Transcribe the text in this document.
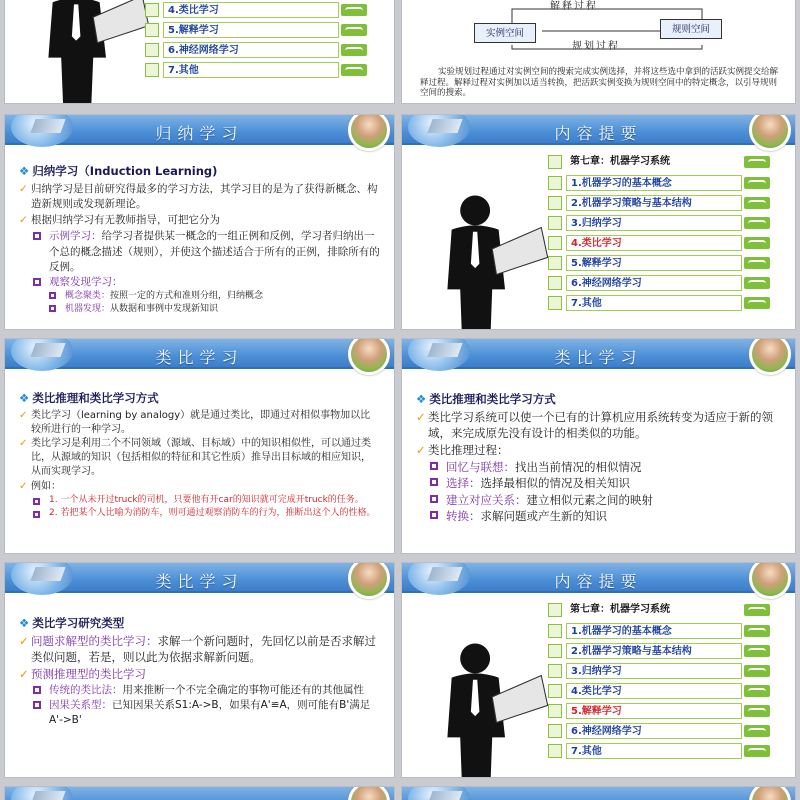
4.类比学习
5.解释学习
6.神经网络学习
7.其他
解释过程
实例空间	规则空间
规划过程
实验规划过程通过对实例空间的搜索完成实例选择，并将这些选中拿到的活跃实例提交给解释过程。解释过程对实例加以适当转换，把活跃实例变换为规则空间中的特定概念，以引导规则空间的搜索。
归纳学习
❖ 归纳学习（Induction Learning)
✓ 归纳学习是目前研究得最多的学习方法，其学习目的是为了获得新概念、构造新规则或发现新理论。
✓ 根据归纳学习有无教师指导，可把它分为
示例学习：给学习者提供某一概念的一组正例和反例，学习者归纳出一个总的概念描述（规则），并使这个描述适合于所有的正例，排除所有的反例。
观察发现学习：
概念聚类：按照一定的方式和准则分组，归纳概念
机器发现：从数据和事例中发现新知识
内容提要
第七章：机器学习系统
1.机器学习的基本概念
2.机器学习策略与基本结构
3.归纳学习
4.类比学习
5.解释学习
6.神经网络学习
7.其他
类比学习
❖ 类比推理和类比学习方式
✓ 类比学习（learning by analogy）就是通过类比，即通过对相似事物加以比较所进行的一种学习。
✓ 类比学习是利用二个不同领域（源域、目标域）中的知识相似性，可以通过类比，从源域的知识（包括相似的特征和其它性质）推导出目标域的相应知识，从而实现学习。
✓ 例如：
1. 一个从未开过truck的司机，只要他有开car的知识就可完成开truck的任务。
2. 若把某个人比喻为消防车，则可通过观察消防车的行为，推断出这个人的性格。
类比学习
❖ 类比推理和类比学习方式
✓ 类比学习系统可以使一个已有的计算机应用系统转变为适应于新的领域，来完成原先没有设计的相类似的功能。
✓ 类比推理过程：
回忆与联想：找出当前情况的相似情况
选择：选择最相似的情况及相关知识
建立对应关系：建立相似元素之间的映射
转换：求解问题或产生新的知识
类比学习
❖ 类比学习研究类型
✓ 问题求解型的类比学习：求解一个新问题时，先回忆以前是否求解过类似问题，若是，则以此为依据求解新问题。
✓ 预测推理型的类比学习
传统的类比法：用来推断一个不完全确定的事物可能还有的其他属性
因果关系型：已知因果关系S1:A->B，如果有A'≌A，则可能有B'满足A'->B'
内容提要
第七章：机器学习系统
1.机器学习的基本概念
2.机器学习策略与基本结构
3.归纳学习
4.类比学习
5.解释学习
6.神经网络学习
7.其他
